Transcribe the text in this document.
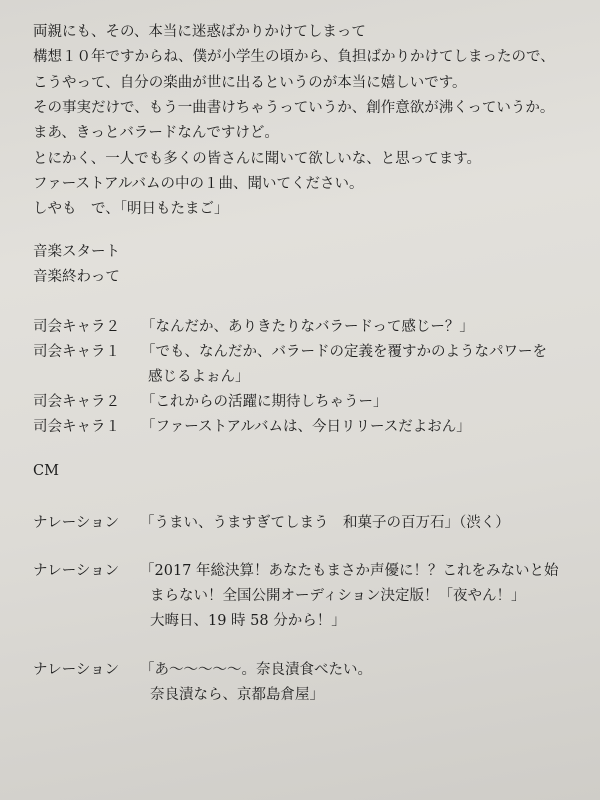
両親にも、その、本当に迷惑ばかりかけてしまって
構想１０年ですからね、僕が小学生の頃から、負担ばかりかけてしまったので、
こうやって、自分の楽曲が世に出るというのが本当に嬉しいです。
その事実だけで、もう一曲書けちゃうっていうか、創作意欲が沸くっていうか。
まあ、きっとバラードなんですけど。
とにかく、一人でも多くの皆さんに聞いて欲しいな、と思ってます。
ファーストアルバムの中の１曲、聞いてください。
しやも　で、「明日もたまご」
音楽スタート
音楽終わって
司会キャラ２ 「なんだか、ありきたりなバラードって感じー？」
司会キャラ１ 「でも、なんだか、バラードの定義を覆すかのようなパワーを
感じるよぉん」
司会キャラ２ 「これからの活躍に期待しちゃうー」
司会キャラ１ 「ファーストアルバムは、今日リリースだよおん」
CM
ナレーション 「うまい、うますぎてしまう　和菓子の百万石」（渋く）
ナレーション 「2017 年総決算！あなたもまさか声優に！？これをみないと始
まらない！全国公開オーディション決定版！「夜やん！」
大晦日、19 時 58 分から！」
ナレーション 「あ～～～～～。奈良漬食べたい。
奈良漬なら、京都島倉屋」
